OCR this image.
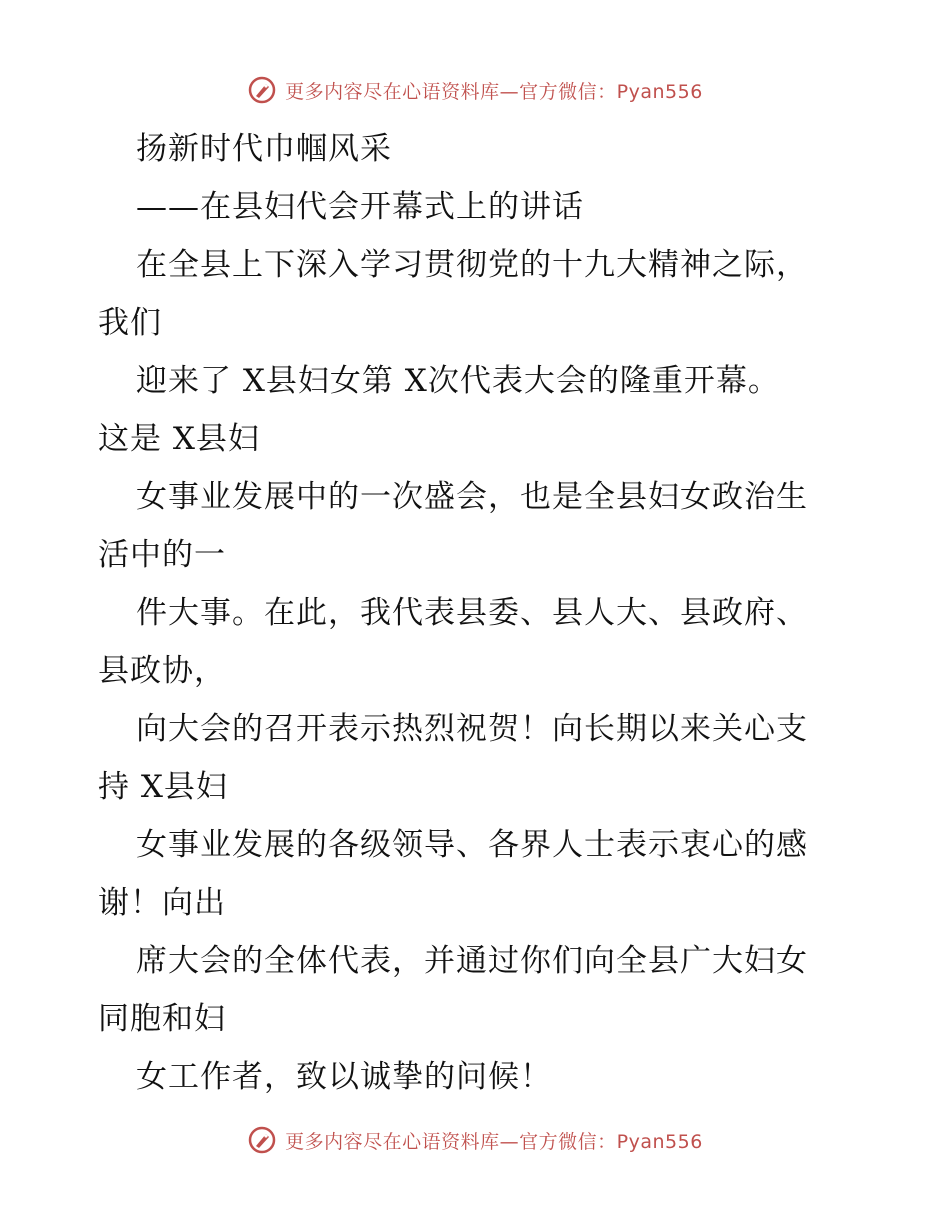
更多内容尽在心语资料库—官方微信：Pyan556
扬新时代巾帼风采
——在县妇代会开幕式上的讲话
在全县上下深入学习贯彻党的十九大精神之际，
我们
迎来了 X县妇女第 X次代表大会的隆重开幕。
这是 X县妇
女事业发展中的一次盛会，也是全县妇女政治生
活中的一
件大事。在此，我代表县委、县人大、县政府、
县政协，
向大会的召开表示热烈祝贺！向长期以来关心支
持 X县妇
女事业发展的各级领导、各界人士表示衷心的感
谢！向出
席大会的全体代表，并通过你们向全县广大妇女
同胞和妇
女工作者，致以诚挚的问候！
更多内容尽在心语资料库—官方微信：Pyan556
